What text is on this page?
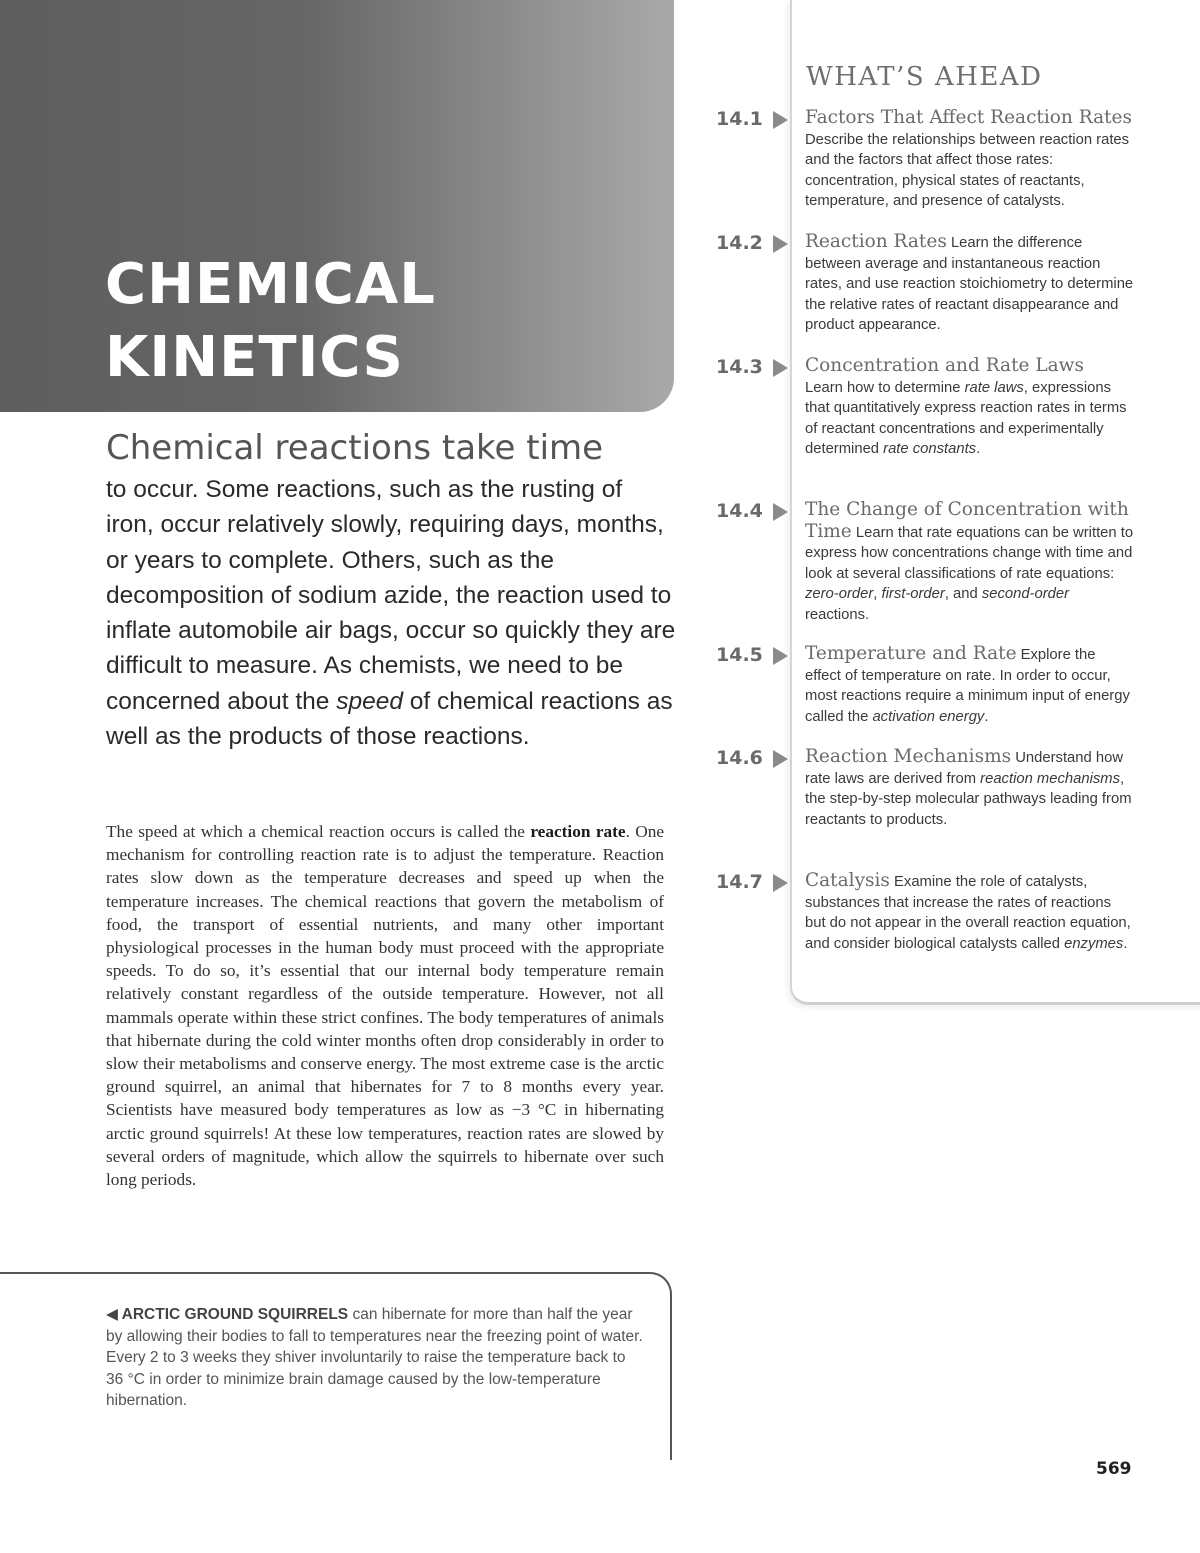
CHEMICAL
KINETICS
Chemical reactions take time

to occur. Some reactions, such as the rusting of iron, occur relatively slowly, requiring days, months, or years to complete. Others, such as the decomposition of sodium azide, the reaction used to inflate automobile air bags, occur so quickly they are difficult to measure. As chemists, we need to be concerned about the speed of chemical reactions as well as the products of those reactions.

The speed at which a chemical reaction occurs is called the reaction rate. One mechanism for controlling reaction rate is to adjust the temperature. Reaction rates slow down as the temperature decreases and speed up when the temperature increases. The chemical reactions that govern the metabolism of food, the transport of essential nutrients, and many other important physiological processes in the human body must proceed with the appropriate speeds. To do so, it’s essential that our internal body temperature remain relatively constant regardless of the outside temperature. However, not all mammals operate within these strict confines. The body temperatures of animals that hibernate during the cold winter months often drop considerably in order to slow their metabolisms and conserve energy. The most extreme case is the arctic ground squirrel, an animal that hibernates for 7 to 8 months every year. Scientists have measured body temperatures as low as −3 °C in hibernating arctic ground squirrels! At these low temperatures, reaction rates are slowed by several orders of magnitude, which allow the squirrels to hibernate over such long periods.

◀ ARCTIC GROUND SQUIRRELS can hibernate for more than half the year by allowing their bodies to fall to temperatures near the freezing point of water. Every 2 to 3 weeks they shiver involuntarily to raise the temperature back to 36 °C in order to minimize brain damage caused by the low-temperature hibernation.

WHAT’S AHEAD
14.1 Factors That Affect Reaction Rates
Describe the relationships between reaction rates and the factors that affect those rates: concentration, physical states of reactants, temperature, and presence of catalysts.
14.2 Reaction Rates Learn the difference between average and instantaneous reaction rates, and use reaction stoichiometry to determine the relative rates of reactant disappearance and product appearance.
14.3 Concentration and Rate Laws
Learn how to determine rate laws, expressions that quantitatively express reaction rates in terms of reactant concentrations and experimentally determined rate constants.
14.4 The Change of Concentration with Time Learn that rate equations can be written to express how concentrations change with time and look at several classifications of rate equations: zero-order, first-order, and second-order reactions.
14.5 Temperature and Rate Explore the effect of temperature on rate. In order to occur, most reactions require a minimum input of energy called the activation energy.
14.6 Reaction Mechanisms Understand how rate laws are derived from reaction mechanisms, the step-by-step molecular pathways leading from reactants to products.
14.7 Catalysis Examine the role of catalysts, substances that increase the rates of reactions but do not appear in the overall reaction equation, and consider biological catalysts called enzymes.
569
